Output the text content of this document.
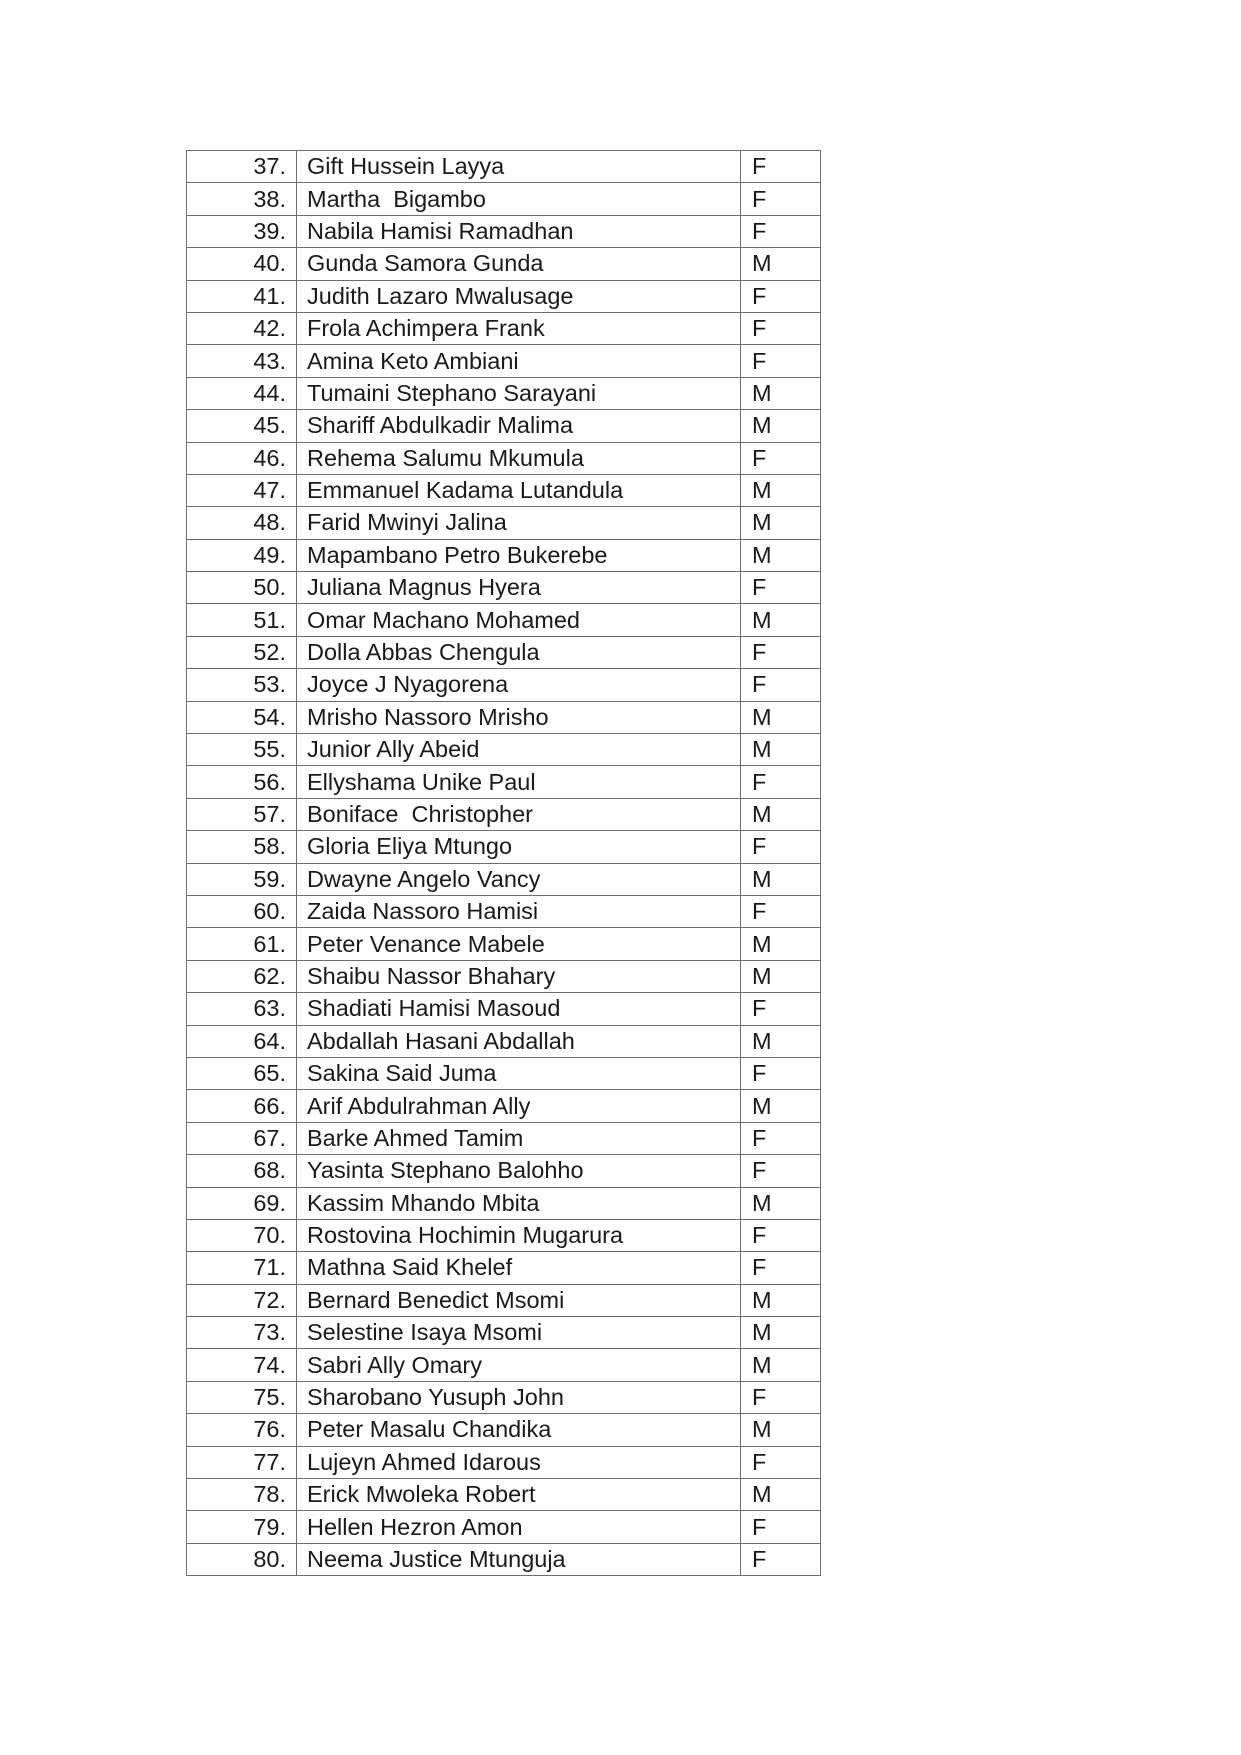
37.	Gift Hussein Layya	F
38.	Martha  Bigambo	F
39.	Nabila Hamisi Ramadhan	F
40.	Gunda Samora Gunda	M
41.	Judith Lazaro Mwalusage	F
42.	Frola Achimpera Frank	F
43.	Amina Keto Ambiani	F
44.	Tumaini Stephano Sarayani	M
45.	Shariff Abdulkadir Malima	M
46.	Rehema Salumu Mkumula	F
47.	Emmanuel Kadama Lutandula	M
48.	Farid Mwinyi Jalina	M
49.	Mapambano Petro Bukerebe	M
50.	Juliana Magnus Hyera	F
51.	Omar Machano Mohamed	M
52.	Dolla Abbas Chengula	F
53.	Joyce J Nyagorena	F
54.	Mrisho Nassoro Mrisho	M
55.	Junior Ally Abeid	M
56.	Ellyshama Unike Paul	F
57.	Boniface  Christopher	M
58.	Gloria Eliya Mtungo	F
59.	Dwayne Angelo Vancy	M
60.	Zaida Nassoro Hamisi	F
61.	Peter Venance Mabele	M
62.	Shaibu Nassor Bhahary	M
63.	Shadiati Hamisi Masoud	F
64.	Abdallah Hasani Abdallah	M
65.	Sakina Said Juma	F
66.	Arif Abdulrahman Ally	M
67.	Barke Ahmed Tamim	F
68.	Yasinta Stephano Balohho	F
69.	Kassim Mhando Mbita	M
70.	Rostovina Hochimin Mugarura	F
71.	Mathna Said Khelef	F
72.	Bernard Benedict Msomi	M
73.	Selestine Isaya Msomi	M
74.	Sabri Ally Omary	M
75.	Sharobano Yusuph John	F
76.	Peter Masalu Chandika	M
77.	Lujeyn Ahmed Idarous	F
78.	Erick Mwoleka Robert	M
79.	Hellen Hezron Amon	F
80.	Neema Justice Mtunguja	F
